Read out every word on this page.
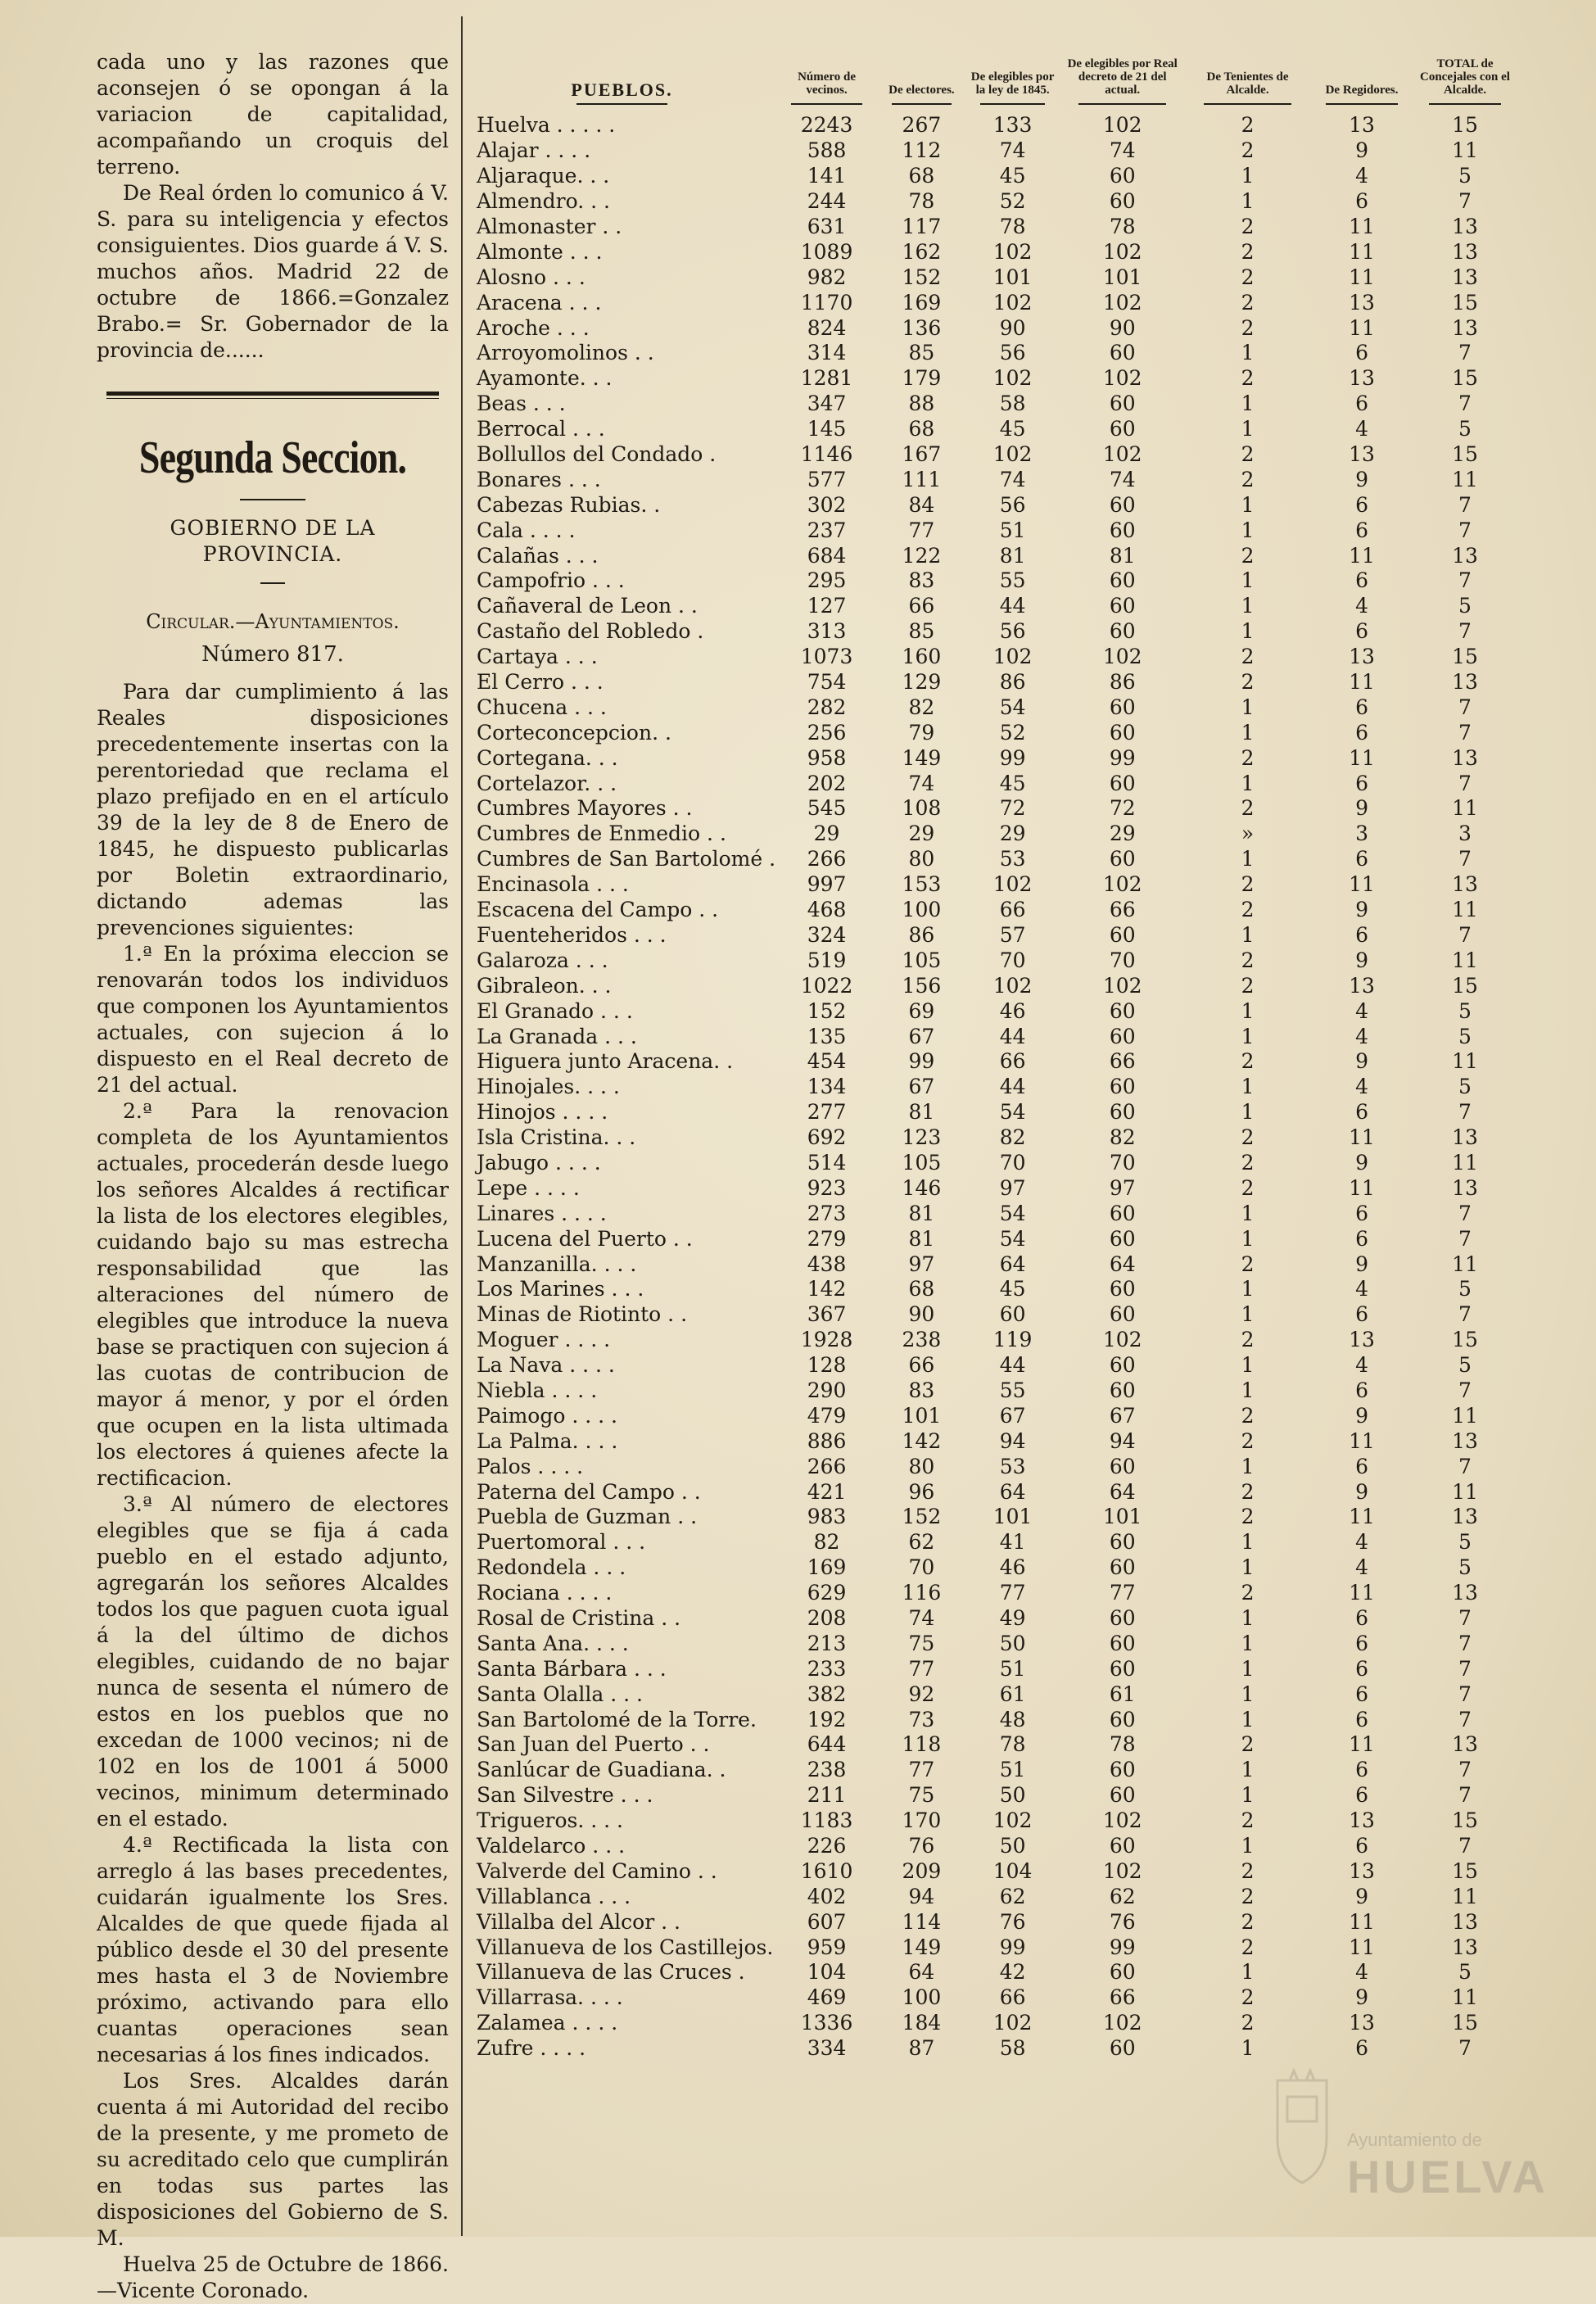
cada uno y las razones que aconsejen ó se opongan á la variacion de capitalidad, acompañando un croquis del terreno.

De Real órden lo comunico á V. S. para su inteligencia y efectos consiguientes. Dios guarde á V. S. muchos años. Madrid 22 de octubre de 1866.=Gonzalez Brabo.= Sr. Gobernador de la provincia de......

Segunda Seccion.
GOBIERNO DE LA PROVINCIA.
Circular.—Ayuntamientos.
Número 817.

Para dar cumplimiento á las Reales disposiciones precedentemente insertas con la perentoriedad que reclama el plazo prefijado en en el artículo 39 de la ley de 8 de Enero de 1845, he dispuesto publicarlas por Boletin extraordinario, dictando ademas las prevenciones siguientes:

1.ª En la próxima eleccion se renovarán todos los individuos que componen los Ayuntamientos actuales, con sujecion á lo dispuesto en el Real decreto de 21 del actual.

2.ª Para la renovacion completa de los Ayuntamientos actuales, procederán desde luego los señores Alcaldes á rectificar la lista de los electores elegibles, cuidando bajo su mas estrecha responsabilidad que las alteraciones del número de elegibles que introduce la nueva base se practiquen con sujecion á las cuotas de contribucion de mayor á menor, y por el órden que ocupen en la lista ultimada los electores á quienes afecte la rectificacion.

3.ª Al número de electores elegibles que se fija á cada pueblo en el estado adjunto, agregarán los señores Alcaldes todos los que paguen cuota igual á la del último de dichos elegibles, cuidando de no bajar nunca de sesenta el número de estos en los pueblos que no excedan de 1000 vecinos; ni de 102 en los de 1001 á 5000 vecinos, minimum determinado en el estado.

4.ª Rectificada la lista con arreglo á las bases precedentes, cuidarán igualmente los Sres. Alcaldes de que quede fijada al público desde el 30 del presente mes hasta el 3 de Noviembre próximo, activando para ello cuantas operaciones sean necesarias á los fines indicados.

Los Sres. Alcaldes darán cuenta á mi Autoridad del recibo de la presente, y me prometo de su acreditado celo que cumplirán en todas sus partes las disposiciones del Gobierno de S. M.

Huelva 25 de Octubre de 1866. —Vicente Coronado.

PUEBLOS.	Número de vecinos.	De electores.	De elegibles por la ley de 1845.	De elegibles por Real decreto de 21 del actual.	De Tenientes de Alcalde.	De Regidores.	TOTAL de Concejales con el Alcalde.

Huelva . . . . .	2243	267	133	102	2	13	15
Alajar . . . .	588	112	74	74	2	9	11
Aljaraque. . .	141	68	45	60	1	4	5
Almendro. . .	244	78	52	60	1	6	7
Almonaster . .	631	117	78	78	2	11	13
Almonte . . .	1089	162	102	102	2	11	13
Alosno . . .	982	152	101	101	2	11	13
Aracena . . .	1170	169	102	102	2	13	15
Aroche . . .	824	136	90	90	2	11	13
Arroyomolinos . .	314	85	56	60	1	6	7
Ayamonte. . .	1281	179	102	102	2	13	15
Beas . . .	347	88	58	60	1	6	7
Berrocal . . .	145	68	45	60	1	4	5
Bollullos del Condado .	1146	167	102	102	2	13	15
Bonares . . .	577	111	74	74	2	9	11
Cabezas Rubias. .	302	84	56	60	1	6	7
Cala . . . .	237	77	51	60	1	6	7
Calañas . . .	684	122	81	81	2	11	13
Campofrio . . .	295	83	55	60	1	6	7
Cañaveral de Leon . .	127	66	44	60	1	4	5
Castaño del Robledo .	313	85	56	60	1	6	7
Cartaya . . .	1073	160	102	102	2	13	15
El Cerro . . .	754	129	86	86	2	11	13
Chucena . . .	282	82	54	60	1	6	7
Corteconcepcion. .	256	79	52	60	1	6	7
Cortegana. . .	958	149	99	99	2	11	13
Cortelazor. . .	202	74	45	60	1	6	7
Cumbres Mayores . .	545	108	72	72	2	9	11
Cumbres de Enmedio . .	29	29	29	29	»	3	3
Cumbres de San Bartolomé .	266	80	53	60	1	6	7
Encinasola . . .	997	153	102	102	2	11	13
Escacena del Campo . .	468	100	66	66	2	9	11
Fuenteheridos . . .	324	86	57	60	1	6	7
Galaroza . . .	519	105	70	70	2	9	11
Gibraleon. . .	1022	156	102	102	2	13	15
El Granado . . .	152	69	46	60	1	4	5
La Granada . . .	135	67	44	60	1	4	5
Higuera junto Aracena. .	454	99	66	66	2	9	11
Hinojales. . . .	134	67	44	60	1	4	5
Hinojos . . . .	277	81	54	60	1	6	7
Isla Cristina. . .	692	123	82	82	2	11	13
Jabugo . . . .	514	105	70	70	2	9	11
Lepe . . . .	923	146	97	97	2	11	13
Linares . . . .	273	81	54	60	1	6	7
Lucena del Puerto . .	279	81	54	60	1	6	7
Manzanilla. . . .	438	97	64	64	2	9	11
Los Marines . . .	142	68	45	60	1	4	5
Minas de Riotinto . .	367	90	60	60	1	6	7
Moguer . . . .	1928	238	119	102	2	13	15
La Nava . . . .	128	66	44	60	1	4	5
Niebla . . . .	290	83	55	60	1	6	7
Paimogo . . . .	479	101	67	67	2	9	11
La Palma. . . .	886	142	94	94	2	11	13
Palos . . . .	266	80	53	60	1	6	7
Paterna del Campo . .	421	96	64	64	2	9	11
Puebla de Guzman . .	983	152	101	101	2	11	13
Puertomoral . . .	82	62	41	60	1	4	5
Redondela . . .	169	70	46	60	1	4	5
Rociana . . . .	629	116	77	77	2	11	13
Rosal de Cristina . .	208	74	49	60	1	6	7
Santa Ana. . . .	213	75	50	60	1	6	7
Santa Bárbara . . .	233	77	51	60	1	6	7
Santa Olalla . . .	382	92	61	61	1	6	7
San Bartolomé de la Torre.	192	73	48	60	1	6	7
San Juan del Puerto . .	644	118	78	78	2	11	13
Sanlúcar de Guadiana. .	238	77	51	60	1	6	7
San Silvestre . . .	211	75	50	60	1	6	7
Trigueros. . . .	1183	170	102	102	2	13	15
Valdelarco . . .	226	76	50	60	1	6	7
Valverde del Camino . .	1610	209	104	102	2	13	15
Villablanca . . .	402	94	62	62	2	9	11
Villalba del Alcor . .	607	114	76	76	2	11	13
Villanueva de los Castillejos.	959	149	99	99	2	11	13
Villanueva de las Cruces .	104	64	42	60	1	4	5
Villarrasa. . . .	469	100	66	66	2	9	11
Zalamea . . . .	1336	184	102	102	2	13	15
Zufre . . . .	334	87	58	60	1	6	7
Ayuntamiento de
HUELVA
